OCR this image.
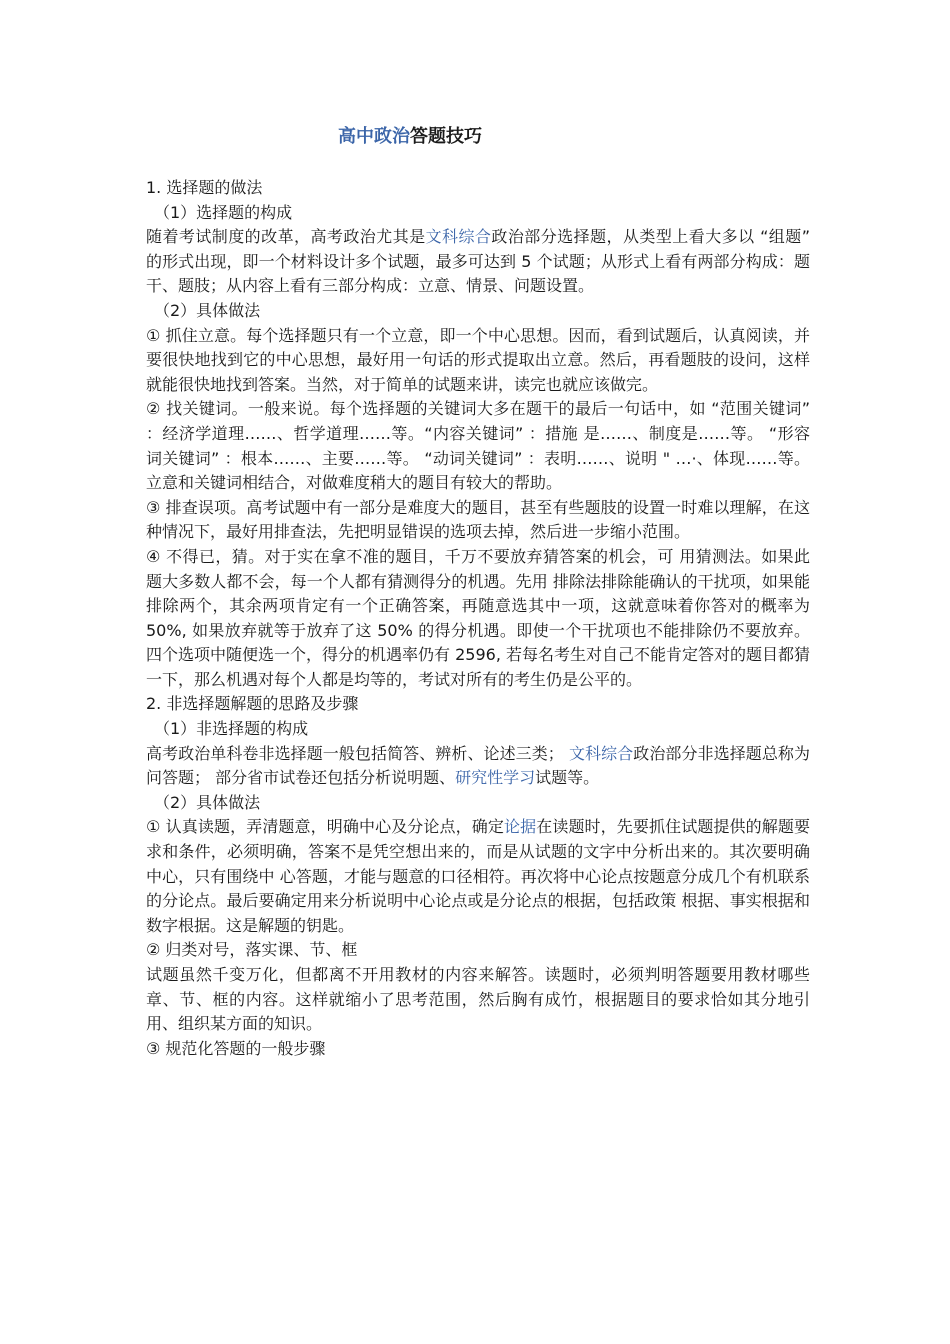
高中政治答题技巧

1. 选择题的做法

（1）选择题的构成

随着考试制度的改革，高考政治尤其是文科综合政治部分选择题，从类型上看大多以 “组题” 的形式出现，即一个材料设计多个试题，最多可达到 5 个试题；从形式上看有两部分构成：题干、题肢；从内容上看有三部分构成：立意、情景、问题设置。

（2）具体做法

① 抓住立意。每个选择题只有一个立意，即一个中心思想。因而，看到试题后，认真阅读，并要很快地找到它的中心思想，最好用一句话的形式提取出立意。然后，再看题肢的设问，这样就能很快地找到答案。当然，对于简单的试题来讲，读完也就应该做完。

② 找关键词。一般来说。每个选择题的关键词大多在题干的最后一句话中，如 “范围关键词” ：经济学道理……、哲学道理……等。“内容关键词” ：措施 是……、制度是……等。 “形容词关键词” ：根本……、主要……等。 “动词关键词” ：表明……、说明 " …·、体现……等。立意和关键词相结合，对做难度稍大的题目有较大的帮助。

③ 排查误项。高考试题中有一部分是难度大的题目，甚至有些题肢的设置一时难以理解，在这种情况下，最好用排查法，先把明显错误的选项去掉，然后进一步缩小范围。

④ 不得已，猜。对于实在拿不准的题目，千万不要放弃猜答案的机会，可 用猜测法。如果此题大多数人都不会，每一个人都有猜测得分的机遇。先用 排除法排除能确认的干扰项，如果能排除两个，其余两项肯定有一个正确答案，再随意选其中一项，这就意味着你答对的概率为 50%, 如果放弃就等于放弃了这 50% 的得分机遇。即使一个干扰项也不能排除仍不要放弃。四个选项中随便选一个，得分的机遇率仍有 2596, 若每名考生对自己不能肯定答对的题目都猜一下，那么机遇对每个人都是均等的，考试对所有的考生仍是公平的。

2. 非选择题解题的思路及步骤

（1）非选择题的构成

高考政治单科卷非选择题一般包括简答、辨析、论述三类； 文科综合政治部分非选择题总称为问答题； 部分省市试卷还包括分析说明题、研究性学习试题等。

（2）具体做法

① 认真读题，弄清题意，明确中心及分论点，确定论据在读题时，先要抓住试题提供的解题要求和条件，必须明确，答案不是凭空想出来的，而是从试题的文字中分析出来的。其次要明确中心，只有围绕中 心答题，才能与题意的口径相符。再次将中心论点按题意分成几个有机联系 的分论点。最后要确定用来分析说明中心论点或是分论点的根据，包括政策 根据、事实根据和数字根据。这是解题的钥匙。

② 归类对号，落实课、节、框

试题虽然千变万化，但都离不开用教材的内容来解答。读题时，必须判明答题要用教材哪些章、节、框的内容。这样就缩小了思考范围，然后胸有成竹，根据题目的要求恰如其分地引用、组织某方面的知识。

③ 规范化答题的一般步骤
